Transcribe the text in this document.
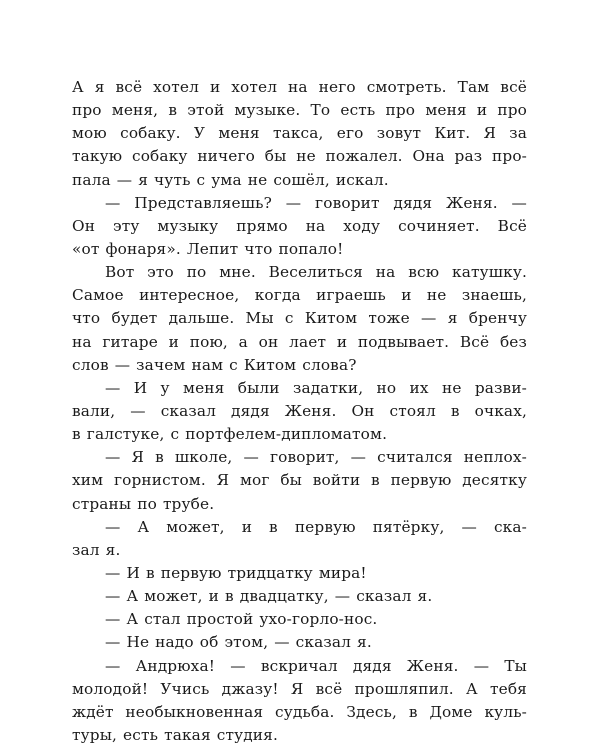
А я всё хотел и хотел на него смотреть. Там всё
про меня, в этой музыке. То есть про меня и про
мою собаку. У меня такса, его зовут Кит. Я за
такую собаку ничего бы не пожалел. Она раз про-
пала — я чуть с ума не сошёл, искал.
— Представляешь? — говорит дядя Женя. —
Он эту музыку прямо на ходу сочиняет. Всё
«от фонаря». Лепит что попало!
Вот это по мне. Веселиться на всю катушку.
Самое интересное, когда играешь и не знаешь,
что будет дальше. Мы с Китом тоже — я бренчу
на гитаре и пою, а он лает и подвывает. Всё без
слов — зачем нам с Китом слова?
— И у меня были задатки, но их не разви-
вали, — сказал дядя Женя. Он стоял в очках,
в галстуке, с портфелем-дипломатом.
— Я в школе, — говорит, — считался неплох-
хим горнистом. Я мог бы войти в первую десятку
страны по трубе.
— А может, и в первую пятёрку, — ска-
зал я.
— И в первую тридцатку мира!
— А может, и в двадцатку, — сказал я.
— А стал простой ухо-горло-нос.
— Не надо об этом, — сказал я.
— Андрюха! — вскричал дядя Женя. — Ты
молодой! Учись джазу! Я всё прошляпил. А тебя
ждёт необыкновенная судьба. Здесь, в Доме куль-
туры, есть такая студия.
